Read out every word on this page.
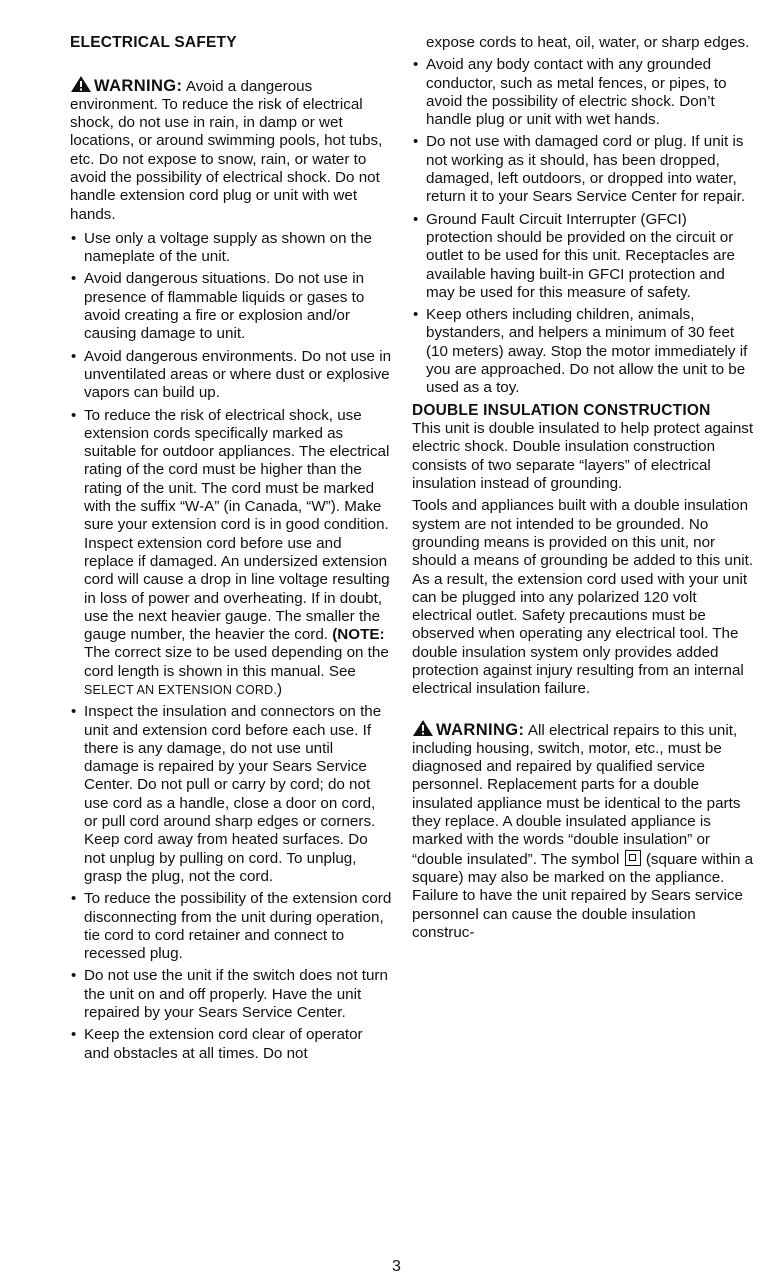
ELECTRICAL SAFETY
WARNING: Avoid a dangerous environment. To reduce the risk of electrical shock, do not use in rain, in damp or wet locations, or around swimming pools, hot tubs, etc. Do not expose to snow, rain, or water to avoid the possibility of electrical shock. Do not handle extension cord plug or unit with wet hands.
• Use only a voltage supply as shown on the nameplate of the unit.
• Avoid dangerous situations. Do not use in presence of flammable liquids or gases to avoid creating a fire or explosion and/or causing damage to unit.
• Avoid dangerous environments. Do not use in unventilated areas or where dust or explosive vapors can build up.
• To reduce the risk of electrical shock, use extension cords specifically marked as suitable for outdoor appliances. The electrical rating of the cord must be higher than the rating of the unit. The cord must be marked with the suffix “W-A” (in Canada, “W”). Make sure your extension cord is in good condition. Inspect extension cord before use and replace if damaged. An undersized extension cord will cause a drop in line voltage resulting in loss of power and overheating. If in doubt, use the next heavier gauge. The smaller the gauge number, the heavier the cord. (NOTE: The correct size to be used depending on the cord length is shown in this manual. See SELECT AN EXTENSION CORD.)
• Inspect the insulation and connectors on the unit and extension cord before each use. If there is any damage, do not use until damage is repaired by your Sears Service Center. Do not pull or carry by cord; do not use cord as a handle, close a door on cord, or pull cord around sharp edges or corners. Keep cord away from heated surfaces. Do not unplug by pulling on cord. To unplug, grasp the plug, not the cord.
• To reduce the possibility of the extension cord disconnecting from the unit during operation, tie cord to cord retainer and connect to recessed plug.
• Do not use the unit if the switch does not turn the unit on and off properly. Have the unit repaired by your Sears Service Center.
• Keep the extension cord clear of operator and obstacles at all times. Do not

expose cords to heat, oil, water, or sharp edges.

• Avoid any body contact with any grounded conductor, such as metal fences, or pipes, to avoid the possibility of electric shock. Don’t handle plug or unit with wet hands.
• Do not use with damaged cord or plug. If unit is not working as it should, has been dropped, damaged, left outdoors, or dropped into water, return it to your Sears Service Center for repair.
• Ground Fault Circuit Interrupter (GFCI) protection should be provided on the circuit or outlet to be used for this unit. Receptacles are available having built-in GFCI protection and may be used for this measure of safety.
• Keep others including children, animals, bystanders, and helpers a minimum of 30 feet (10 meters) away. Stop the motor immediately if you are approached. Do not allow the unit to be used as a toy.
DOUBLE INSULATION CONSTRUCTION

This unit is double insulated to help protect against electric shock. Double insulation construction consists of two separate “layers” of electrical insulation instead of grounding.

Tools and appliances built with a double insulation system are not intended to be grounded. No grounding means is provided on this unit, nor should a means of grounding be added to this unit. As a result, the extension cord used with your unit can be plugged into any polarized 120 volt electrical outlet. Safety precautions must be observed when operating any electrical tool. The double insulation system only provides added protection against injury resulting from an internal electrical insulation failure.

WARNING: All electrical repairs to this unit, including housing, switch, motor, etc., must be diagnosed and repaired by qualified service personnel. Replacement parts for a double insulated appliance must be identical to the parts they replace. A double insulated appliance is marked with the words “double insulation” or “double insulated”. The symbol (square within a square) may also be marked on the appliance. Failure to have the unit repaired by Sears service personnel can cause the double insulation construc-
3
